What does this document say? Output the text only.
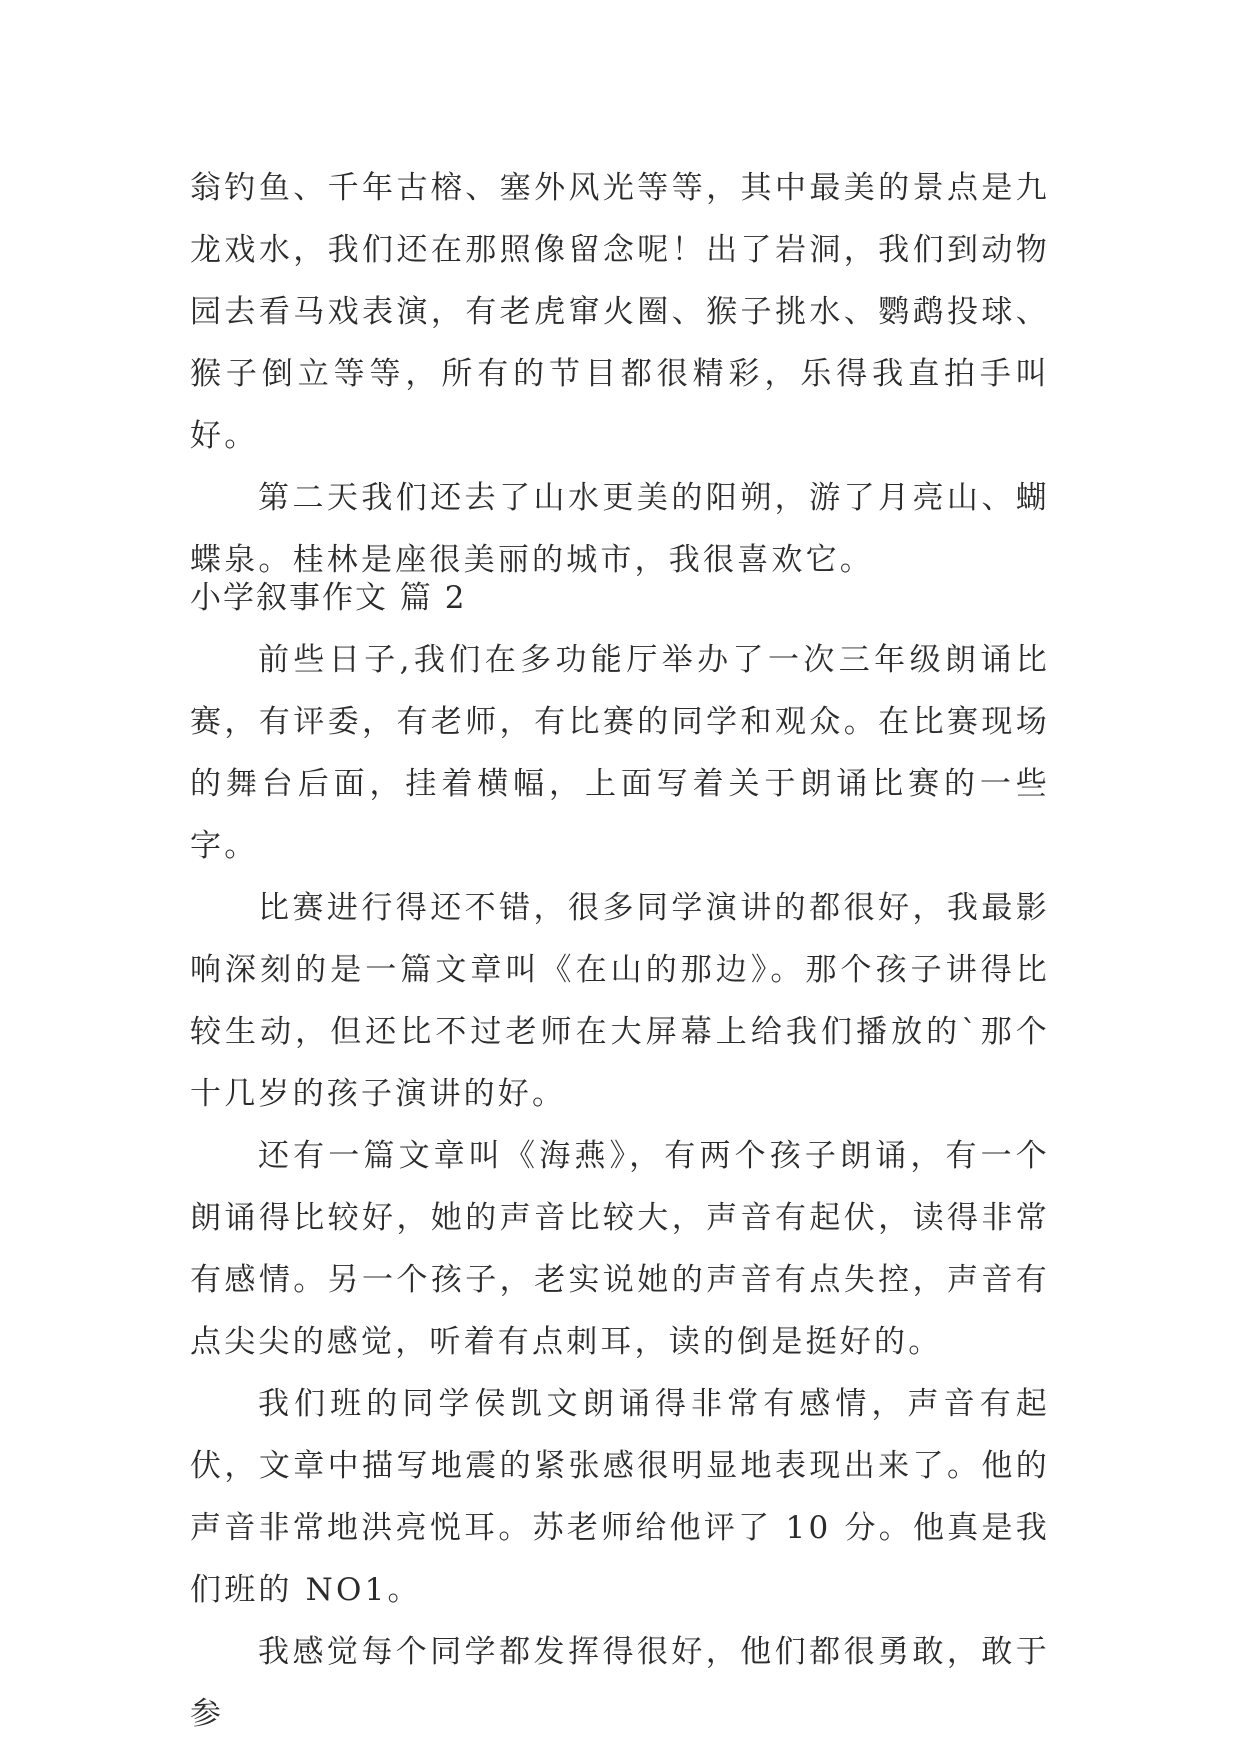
翁钓鱼、千年古榕、塞外风光等等，其中最美的景点是九龙戏水，我们还在那照像留念呢！出了岩洞，我们到动物园去看马戏表演，有老虎窜火圈、猴子挑水、鹦鹉投球、猴子倒立等等，所有的节目都很精彩，乐得我直拍手叫好。

第二天我们还去了山水更美的阳朔，游了月亮山、蝴蝶泉。桂林是座很美丽的城市，我很喜欢它。

小学叙事作文 篇 2

前些日子,我们在多功能厅举办了一次三年级朗诵比赛，有评委，有老师，有比赛的同学和观众。在比赛现场的舞台后面，挂着横幅，上面写着关于朗诵比赛的一些字。

比赛进行得还不错，很多同学演讲的都很好，我最影响深刻的是一篇文章叫《在山的那边》。那个孩子讲得比较生动，但还比不过老师在大屏幕上给我们播放的`那个十几岁的孩子演讲的好。

还有一篇文章叫《海燕》，有两个孩子朗诵，有一个朗诵得比较好，她的声音比较大，声音有起伏，读得非常有感情。另一个孩子，老实说她的声音有点失控，声音有点尖尖的感觉，听着有点刺耳，读的倒是挺好的。

我们班的同学侯凯文朗诵得非常有感情，声音有起伏，文章中描写地震的紧张感很明显地表现出来了。他的声音非常地洪亮悦耳。苏老师给他评了 10 分。他真是我们班的 NO1。

我感觉每个同学都发挥得很好，他们都很勇敢，敢于参
